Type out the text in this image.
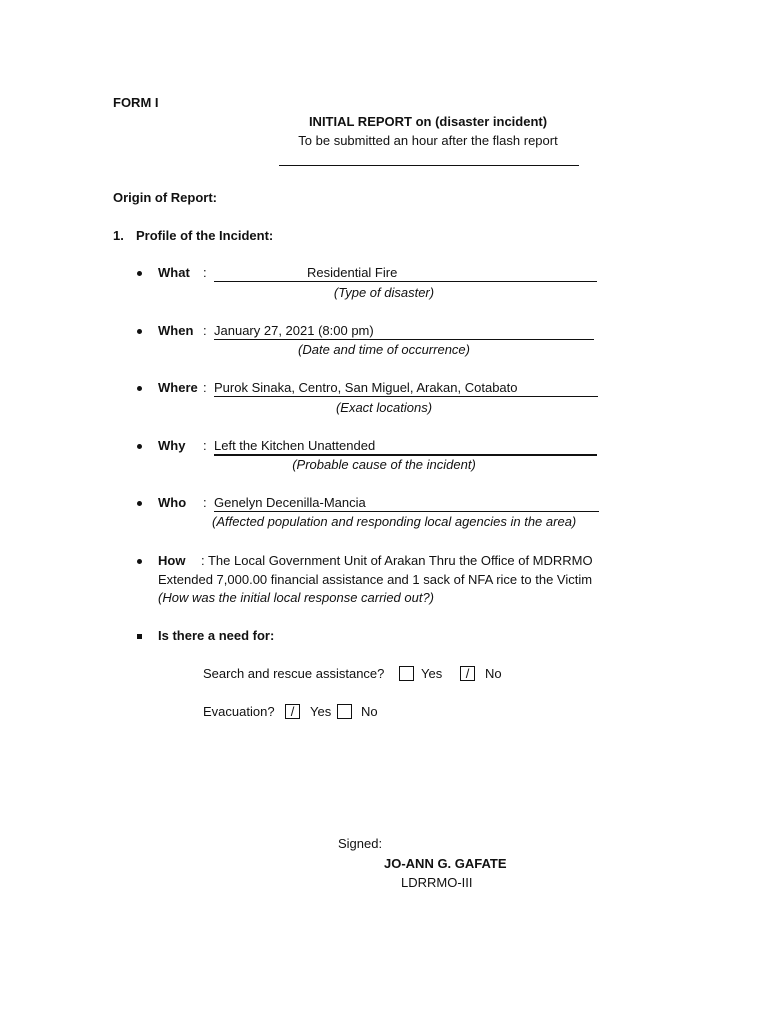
FORM I
INITIAL REPORT on (disaster incident)
To be submitted an hour after the flash report
Origin of Report:
1. Profile of the Incident:
What :	Residential Fire
(Type of disaster)
When : January 27, 2021 (8:00 pm)
(Date and time of occurrence)
Where : Purok Sinaka, Centro, San Miguel, Arakan, Cotabato
(Exact locations)
Why : Left the Kitchen Unattended
(Probable cause of the incident)
Who : Genelyn Decenilla-Mancia
(Affected population and responding local agencies in the area)
How : The Local Government Unit of Arakan Thru the Office of MDRRMO
Extended 7,000.00 financial assistance and 1 sack of NFA rice to the Victim
(How was the initial local response carried out?)
Is there a need for:
Search and rescue assistance?	Yes	/	No
Evacuation?	/	Yes No
Signed:
JO-ANN G. GAFATE
LDRRMO-III
